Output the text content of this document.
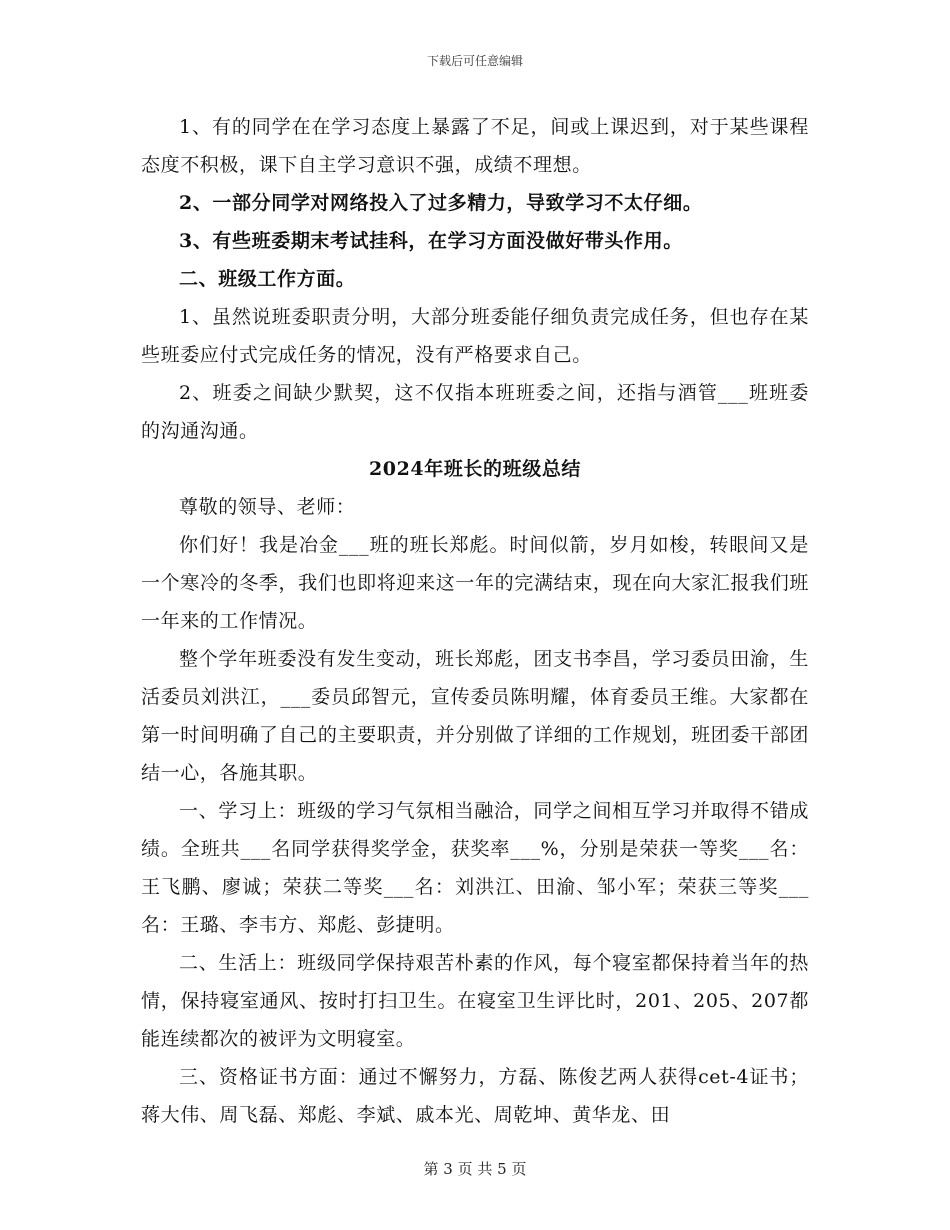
下载后可任意编辑

1、有的同学在在学习态度上暴露了不足，间或上课迟到，对于某些课程态度不积极，课下自主学习意识不强，成绩不理想。

2、一部分同学对网络投入了过多精力，导致学习不太仔细。

3、有些班委期末考试挂科，在学习方面没做好带头作用。

二、班级工作方面。

1、虽然说班委职责分明，大部分班委能仔细负责完成任务，但也存在某些班委应付式完成任务的情况，没有严格要求自己。

2、班委之间缺少默契，这不仅指本班班委之间，还指与酒管___班班委的沟通沟通。

2024年班长的班级总结

尊敬的领导、老师：

你们好！我是冶金___班的班长郑彪。时间似箭，岁月如梭，转眼间又是一个寒冷的冬季，我们也即将迎来这一年的完满结束，现在向大家汇报我们班一年来的工作情况。

整个学年班委没有发生变动，班长郑彪，团支书李昌，学习委员田渝，生活委员刘洪江，___委员邱智元，宣传委员陈明耀，体育委员王维。大家都在第一时间明确了自己的主要职责，并分别做了详细的工作规划，班团委干部团结一心，各施其职。

一、学习上：班级的学习气氛相当融洽，同学之间相互学习并取得不错成绩。全班共___名同学获得奖学金，获奖率___%，分别是荣获一等奖___名：王飞鹏、廖诚；荣获二等奖___名：刘洪江、田渝、邹小军；荣获三等奖___名：王璐、李韦方、郑彪、彭捷明。

二、生活上：班级同学保持艰苦朴素的作风，每个寝室都保持着当年的热情，保持寝室通风、按时打扫卫生。在寝室卫生评比时，201、205、207都能连续都次的被评为文明寝室。

三、资格证书方面：通过不懈努力，方磊、陈俊艺两人获得cet-4证书；蒋大伟、周飞磊、郑彪、李斌、戚本光、周乾坤、黄华龙、田

第 3 页 共 5 页
